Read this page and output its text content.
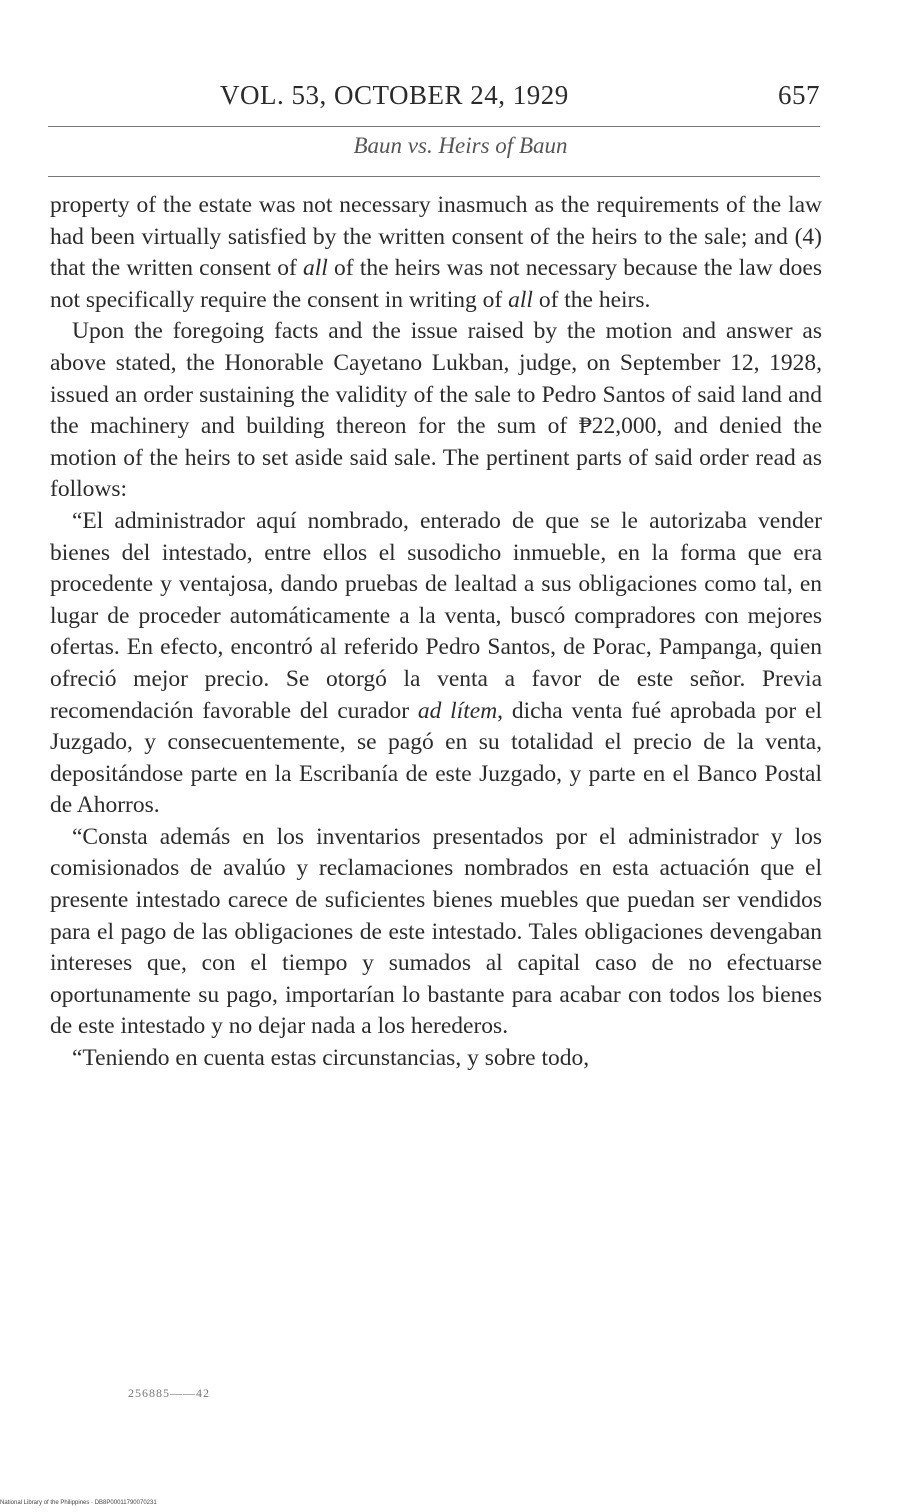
VOL. 53, OCTOBER 24, 1929	657
Baun vs. Heirs of Baun

property of the estate was not necessary inasmuch as the requirements of the law had been virtually satisfied by the written consent of the heirs to the sale; and (4) that the written consent of all of the heirs was not necessary because the law does not specifically require the consent in writing of all of the heirs.

Upon the foregoing facts and the issue raised by the motion and answer as above stated, the Honorable Cayetano Lukban, judge, on September 12, 1928, issued an order sustaining the validity of the sale to Pedro Santos of said land and the machinery and building thereon for the sum of ₱22,000, and denied the motion of the heirs to set aside said sale. The pertinent parts of said order read as follows:

“El administrador aquí nombrado, enterado de que se le autorizaba vender bienes del intestado, entre ellos el susodicho inmueble, en la forma que era procedente y ventajosa, dando pruebas de lealtad a sus obligaciones como tal, en lugar de proceder automáticamente a la venta, buscó compradores con mejores ofertas. En efecto, encontró al referido Pedro Santos, de Porac, Pampanga, quien ofreció mejor precio. Se otorgó la venta a favor de este señor. Previa recomendación favorable del curador ad lítem, dicha venta fué aprobada por el Juzgado, y consecuentemente, se pagó en su totalidad el precio de la venta, depositándose parte en la Escribanía de este Juzgado, y parte en el Banco Postal de Ahorros.

“Consta además en los inventarios presentados por el administrador y los comisionados de avalúo y reclamaciones nombrados en esta actuación que el presente intestado carece de suficientes bienes muebles que puedan ser vendidos para el pago de las obligaciones de este intestado. Tales obligaciones devengaban intereses que, con el tiempo y sumados al capital caso de no efectuarse oportunamente su pago, importarían lo bastante para acabar con todos los bienes de este intestado y no dejar nada a los herederos.

“Teniendo en cuenta estas circunstancias, y sobre todo,

256885——42
National Library of the Philippines · DB8P00011790070231
